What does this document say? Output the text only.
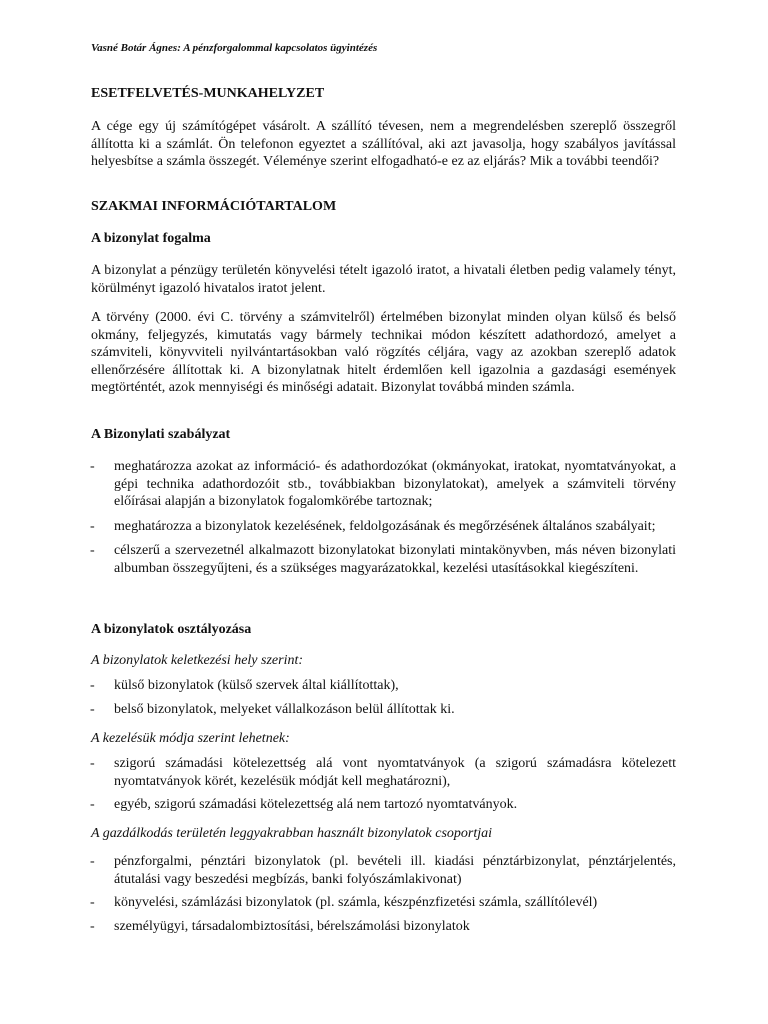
Vasné Botár Ágnes: A pénzforgalommal kapcsolatos ügyintézés
ESETFELVETÉS-MUNKAHELYZET
A cége egy új számítógépet vásárolt. A szállító tévesen, nem a megrendelésben szereplő összegről állította ki a számlát. Ön telefonon egyeztet a szállítóval, aki azt javasolja, hogy szabályos javítással helyesbítse a számla összegét. Véleménye szerint elfogadható-e ez az eljárás? Mik a további teendői?
SZAKMAI INFORMÁCIÓTARTALOM
A bizonylat fogalma
A bizonylat a pénzügy területén könyvelési tételt igazoló iratot, a hivatali életben pedig valamely tényt, körülményt igazoló hivatalos iratot jelent.
A törvény (2000. évi C. törvény a számvitelről) értelmében bizonylat minden olyan külső és belső okmány, feljegyzés, kimutatás vagy bármely technikai módon készített adathordozó, amelyet a számviteli, könyvviteli nyilvántartásokban való rögzítés céljára, vagy az azokban szereplő adatok ellenőrzésére állítottak ki. A bizonylatnak hitelt érdemlően kell igazolnia a gazdasági események megtörténtét, azok mennyiségi és minőségi adatait. Bizonylat továbbá minden számla.
A Bizonylati szabályzat
- meghatározza azokat az információ- és adathordozókat (okmányokat, iratokat, nyomtatványokat, a gépi technika adathordozóit stb., továbbiakban bizonylatokat), amelyek a számviteli törvény előírásai alapján a bizonylatok fogalomkörébe tartoznak;
- meghatározza a bizonylatok kezelésének, feldolgozásának és megőrzésének általános szabályait;
- célszerű a szervezetnél alkalmazott bizonylatokat bizonylati mintakönyvben, más néven bizonylati albumban összegyűjteni, és a szükséges magyarázatokkal, kezelési utasításokkal kiegészíteni.
A bizonylatok osztályozása
A bizonylatok keletkezési hely szerint:
- külső bizonylatok (külső szervek által kiállítottak),
- belső bizonylatok, melyeket vállalkozáson belül állítottak ki.
A kezelésük módja szerint lehetnek:
- szigorú számadási kötelezettség alá vont nyomtatványok (a szigorú számadásra kötelezett nyomtatványok körét, kezelésük módját kell meghatározni),
- egyéb, szigorú számadási kötelezettség alá nem tartozó nyomtatványok.
A gazdálkodás területén leggyakrabban használt bizonylatok csoportjai
- pénzforgalmi, pénztári bizonylatok (pl. bevételi ill. kiadási pénztárbizonylat, pénztárjelentés, átutalási vagy beszedési megbízás, banki folyószámlakivonat)
- könyvelési, számlázási bizonylatok (pl. számla, készpénzfizetési számla, szállítólevél)
- személyügyi, társadalombiztosítási, bérelszámolási bizonylatok
